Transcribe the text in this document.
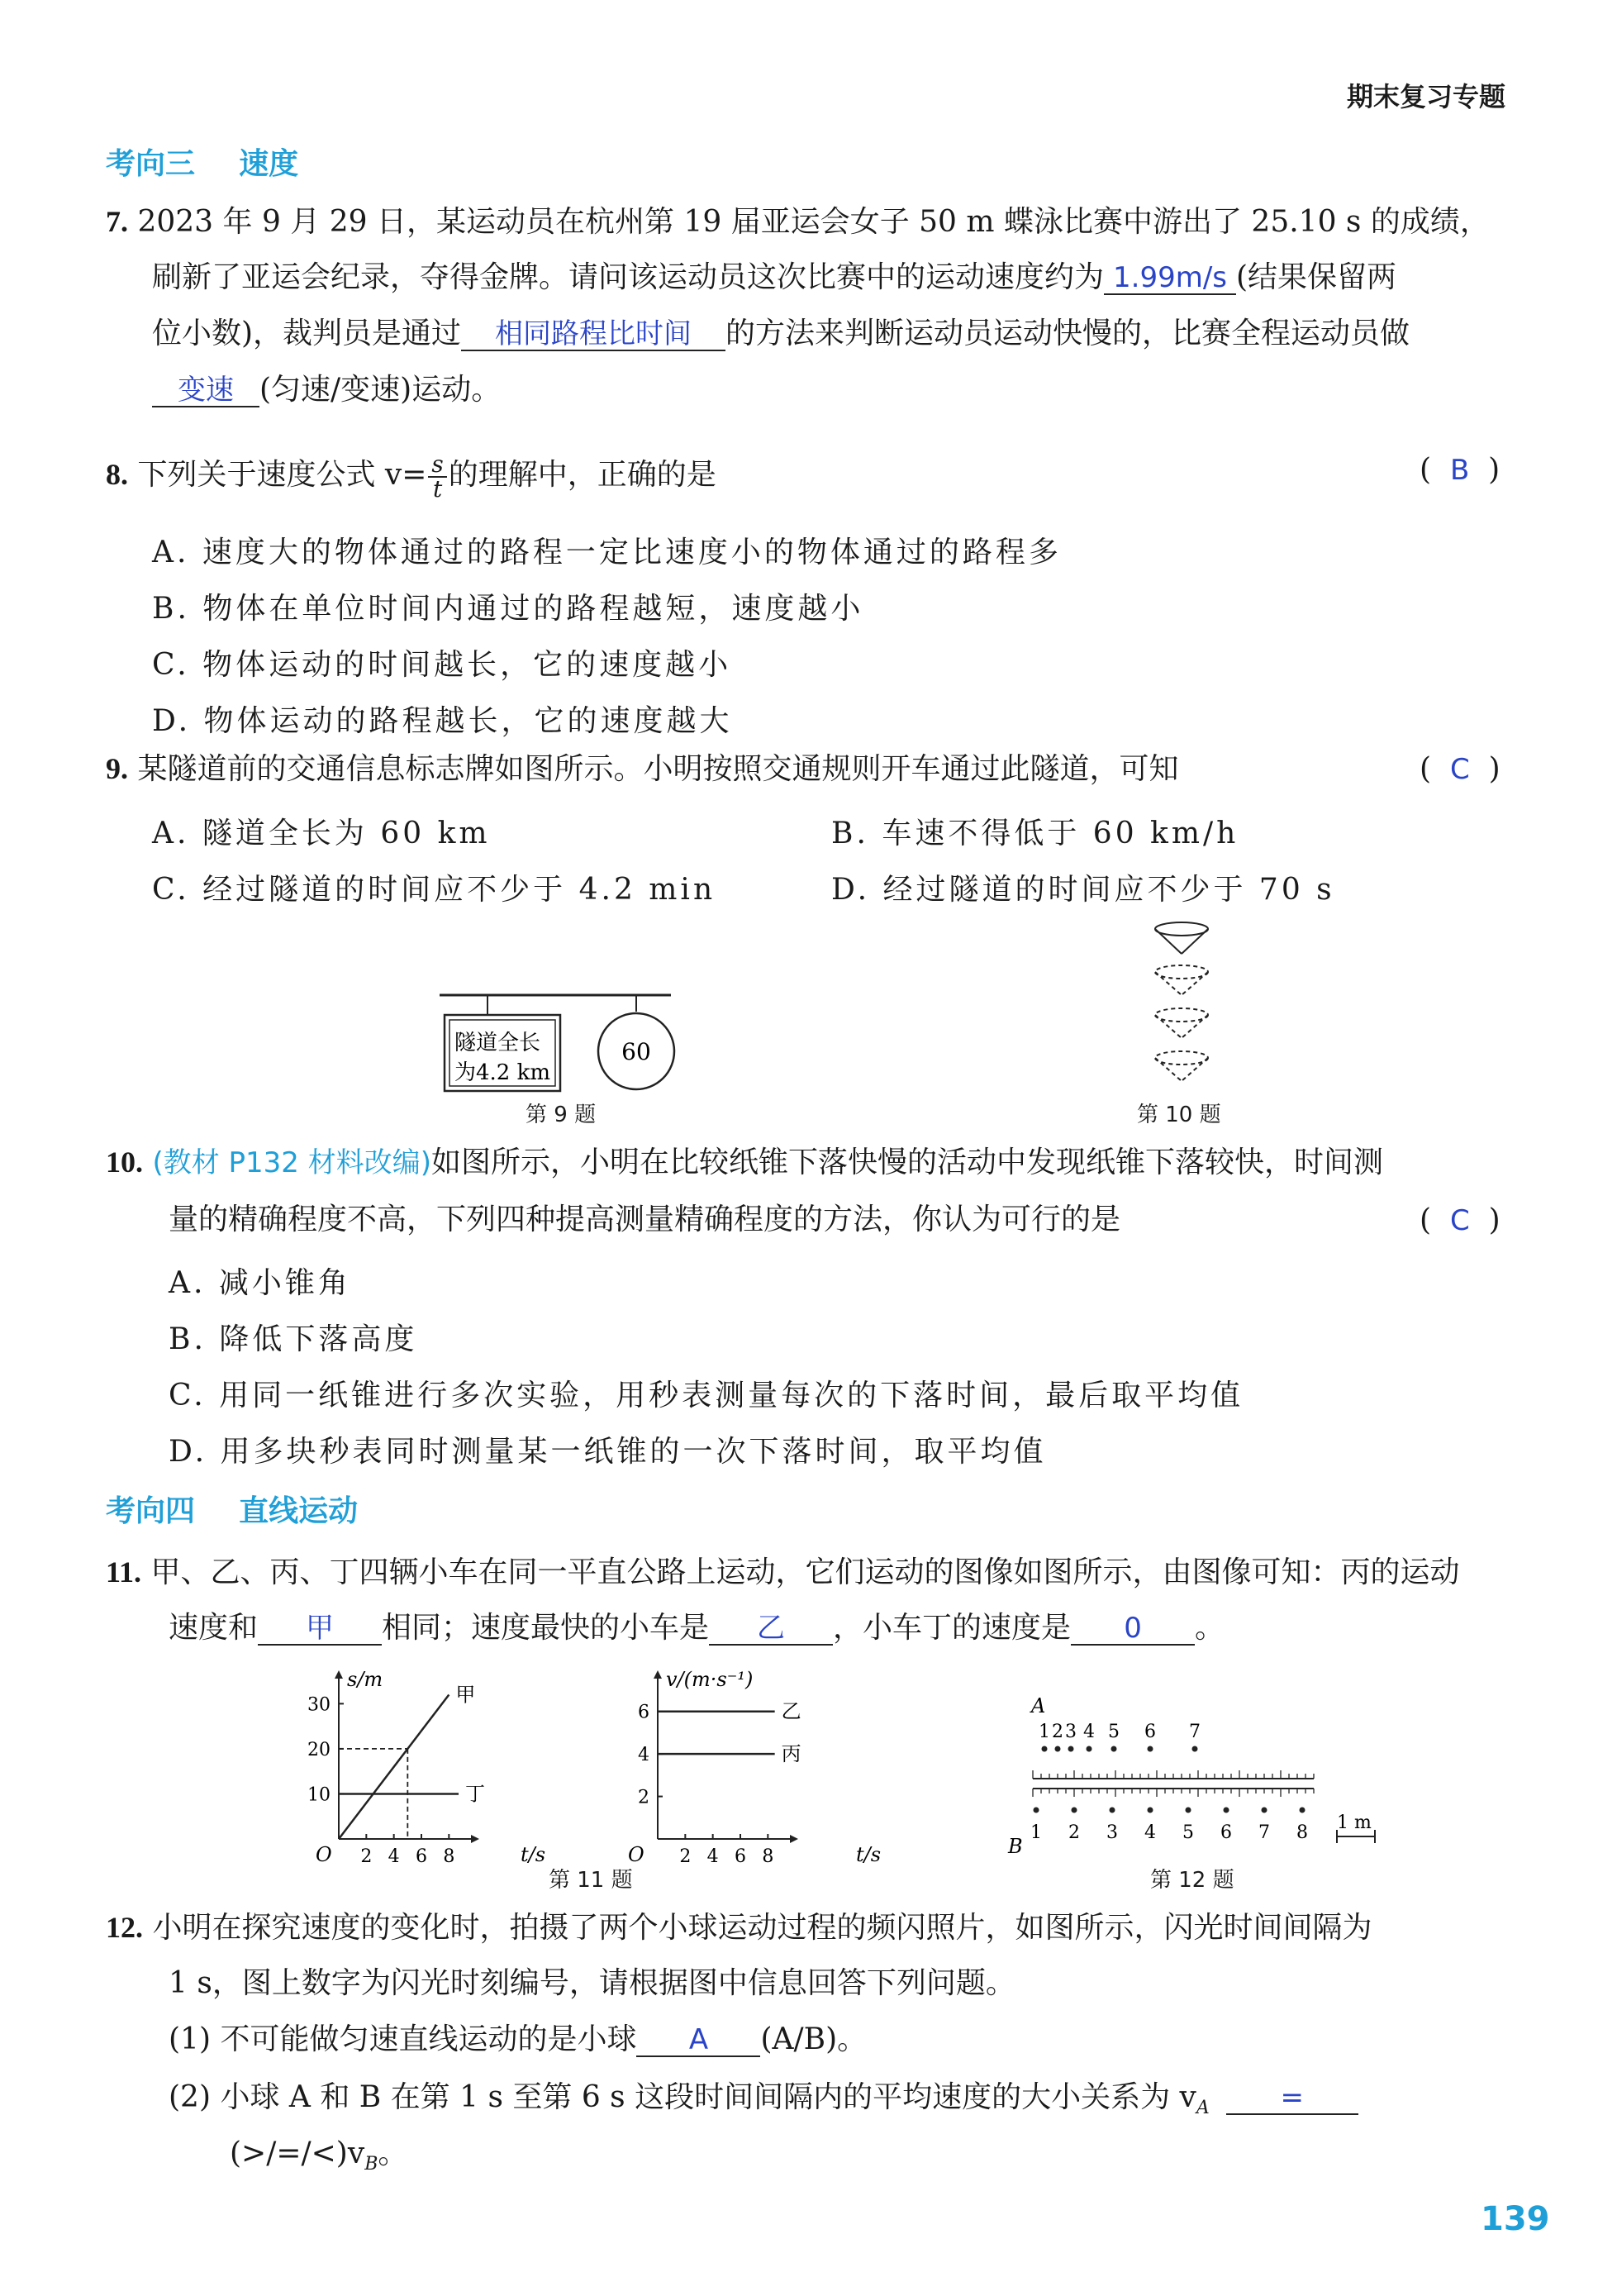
期末复习专题
考向三 速度
7. 2023 年 9 月 29 日，某运动员在杭州第 19 届亚运会女子 50 m 蝶泳比赛中游出了 25.10 s 的成绩，
刷新了亚运会纪录，夺得金牌。请问该运动员这次比赛中的运动速度约为 1.99m/s (结果保留两
位小数)，裁判员是通过 相同路程比时间 的方法来判断运动员运动快慢的，比赛全程运动员做
变速 (匀速/变速)运动。
8. 下列关于速度公式 $v= \frac{s}{t}$ 的理解中，正确的是	(  B  )
A. 速度大的物体通过的路程一定比速度小的物体通过的路程多
B. 物体在单位时间内通过的路程越短，速度越小
C. 物体运动的时间越长，它的速度越小
D. 物体运动的路程越长，它的速度越大
9. 某隧道前的交通信息标志牌如图所示。小明按照交通规则开车通过此隧道，可知	(  C  )
A. 隧道全长为 60 km	B. 车速不得低于 60 km/h
C. 经过隧道的时间应不少于 4.2 min	D. 经过隧道的时间应不少于 70 s
隧道全长
为4.2 km
60
第 9 题	第 10 题
10. (教材 P132 材料改编)如图所示，小明在比较纸锥下落快慢的活动中发现纸锥下落较快，时间测
量的精确程度不高，下列四种提高测量精确程度的方法，你认为可行的是	(  C  )
A. 减小锥角
B. 降低下落高度
C. 用同一纸锥进行多次实验，用秒表测量每次的下落时间，最后取平均值
D. 用多块秒表同时测量某一纸锥的一次下落时间，取平均值
考向四 直线运动
11. 甲、乙、丙、丁四辆小车在同一平直公路上运动，它们运动的图像如图所示，由图像可知：丙的运动
速度和 甲 相同；速度最快的小车是 乙 ，小车丁的速度是 0 。
s/m
t/s
O 2 4 6 8
10
20
30	甲
丁
v/(m·s⁻¹)
t/s
O 2 4 6 8
2
4
6	乙
丙
第 11 题
A
B
1 m
1 2 3 4 5 6 7
1 2 3 4 5 6 7 8
第 12 题
12. 小明在探究速度的变化时，拍摄了两个小球运动过程的频闪照片，如图所示，闪光时间间隔为
1 s，图上数字为闪光时刻编号，请根据图中信息回答下列问题。
(1) 不可能做匀速直线运动的是小球 A (A/B)。
(2) 小球 A 和 B 在第 1 s 至第 6 s 这段时间间隔内的平均速度的大小关系为 $v_A$	=
$(>/=/<)v_B$。
139
